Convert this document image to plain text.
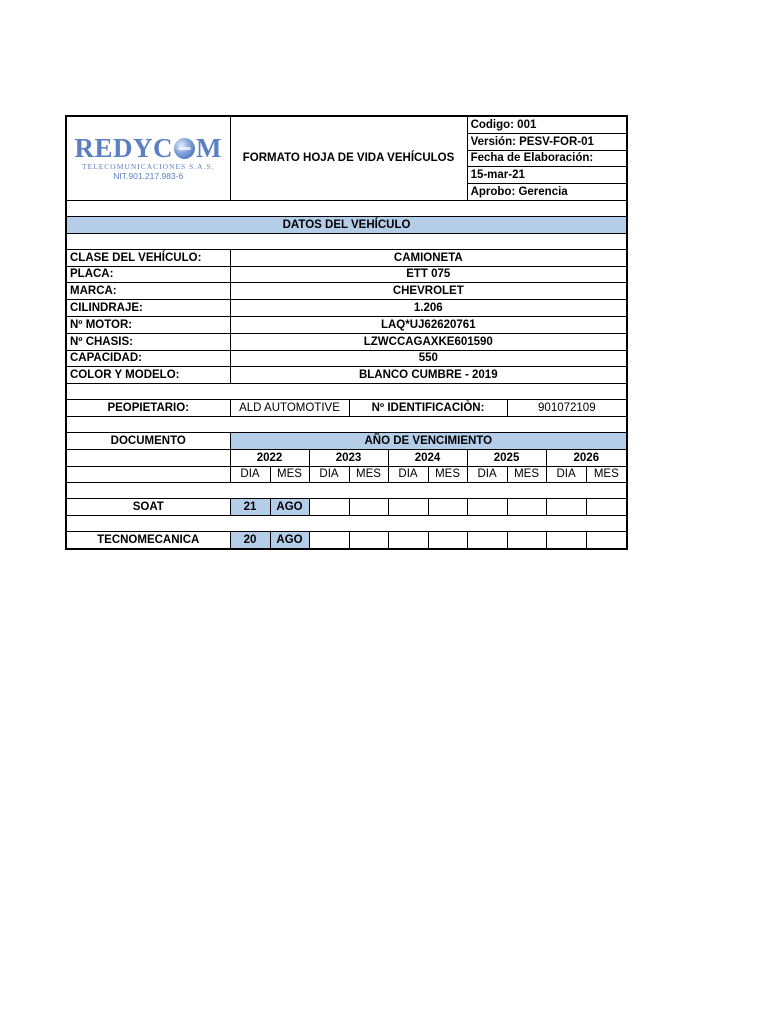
REDYC M
TELECOMUNICACIONES S.A.S.
NIT.901.217.983-6	FORMATO HOJA DE VIDA VEHÍCULOS						Codigo: 001			
							Versión: PESV-FOR-01			
							Fecha de Elaboración:			
							15-mar-21			
							Aprobo: Gerencia			

DATOS DEL VEHÍCULO										

CLASE DEL VEHÍCULO:	CAMIONETA									
PLACA:	ETT 075									
MARCA:	CHEVROLET									
CILINDRAJE:	1.206									
Nº MOTOR:	LAQ*UJ62620761									
Nº CHASIS:	LZWCCAGAXKE601590									
CAPACIDAD:	550									
COLOR Y MODELO:	BLANCO CUMBRE - 2019									

PEOPIETARIO:	ALD AUTOMOTIVE			Nº IDENTIFICACIÒN:				901072109		

DOCUMENTO	AÑO DE VENCIMIENTO									
	2022		2023		2024		2025		2026	
	DIA	MES	DIA	MES	DIA	MES	DIA	MES	DIA	MES

SOAT	21	AGO								

TECNOMECANICA	20	AGO								
